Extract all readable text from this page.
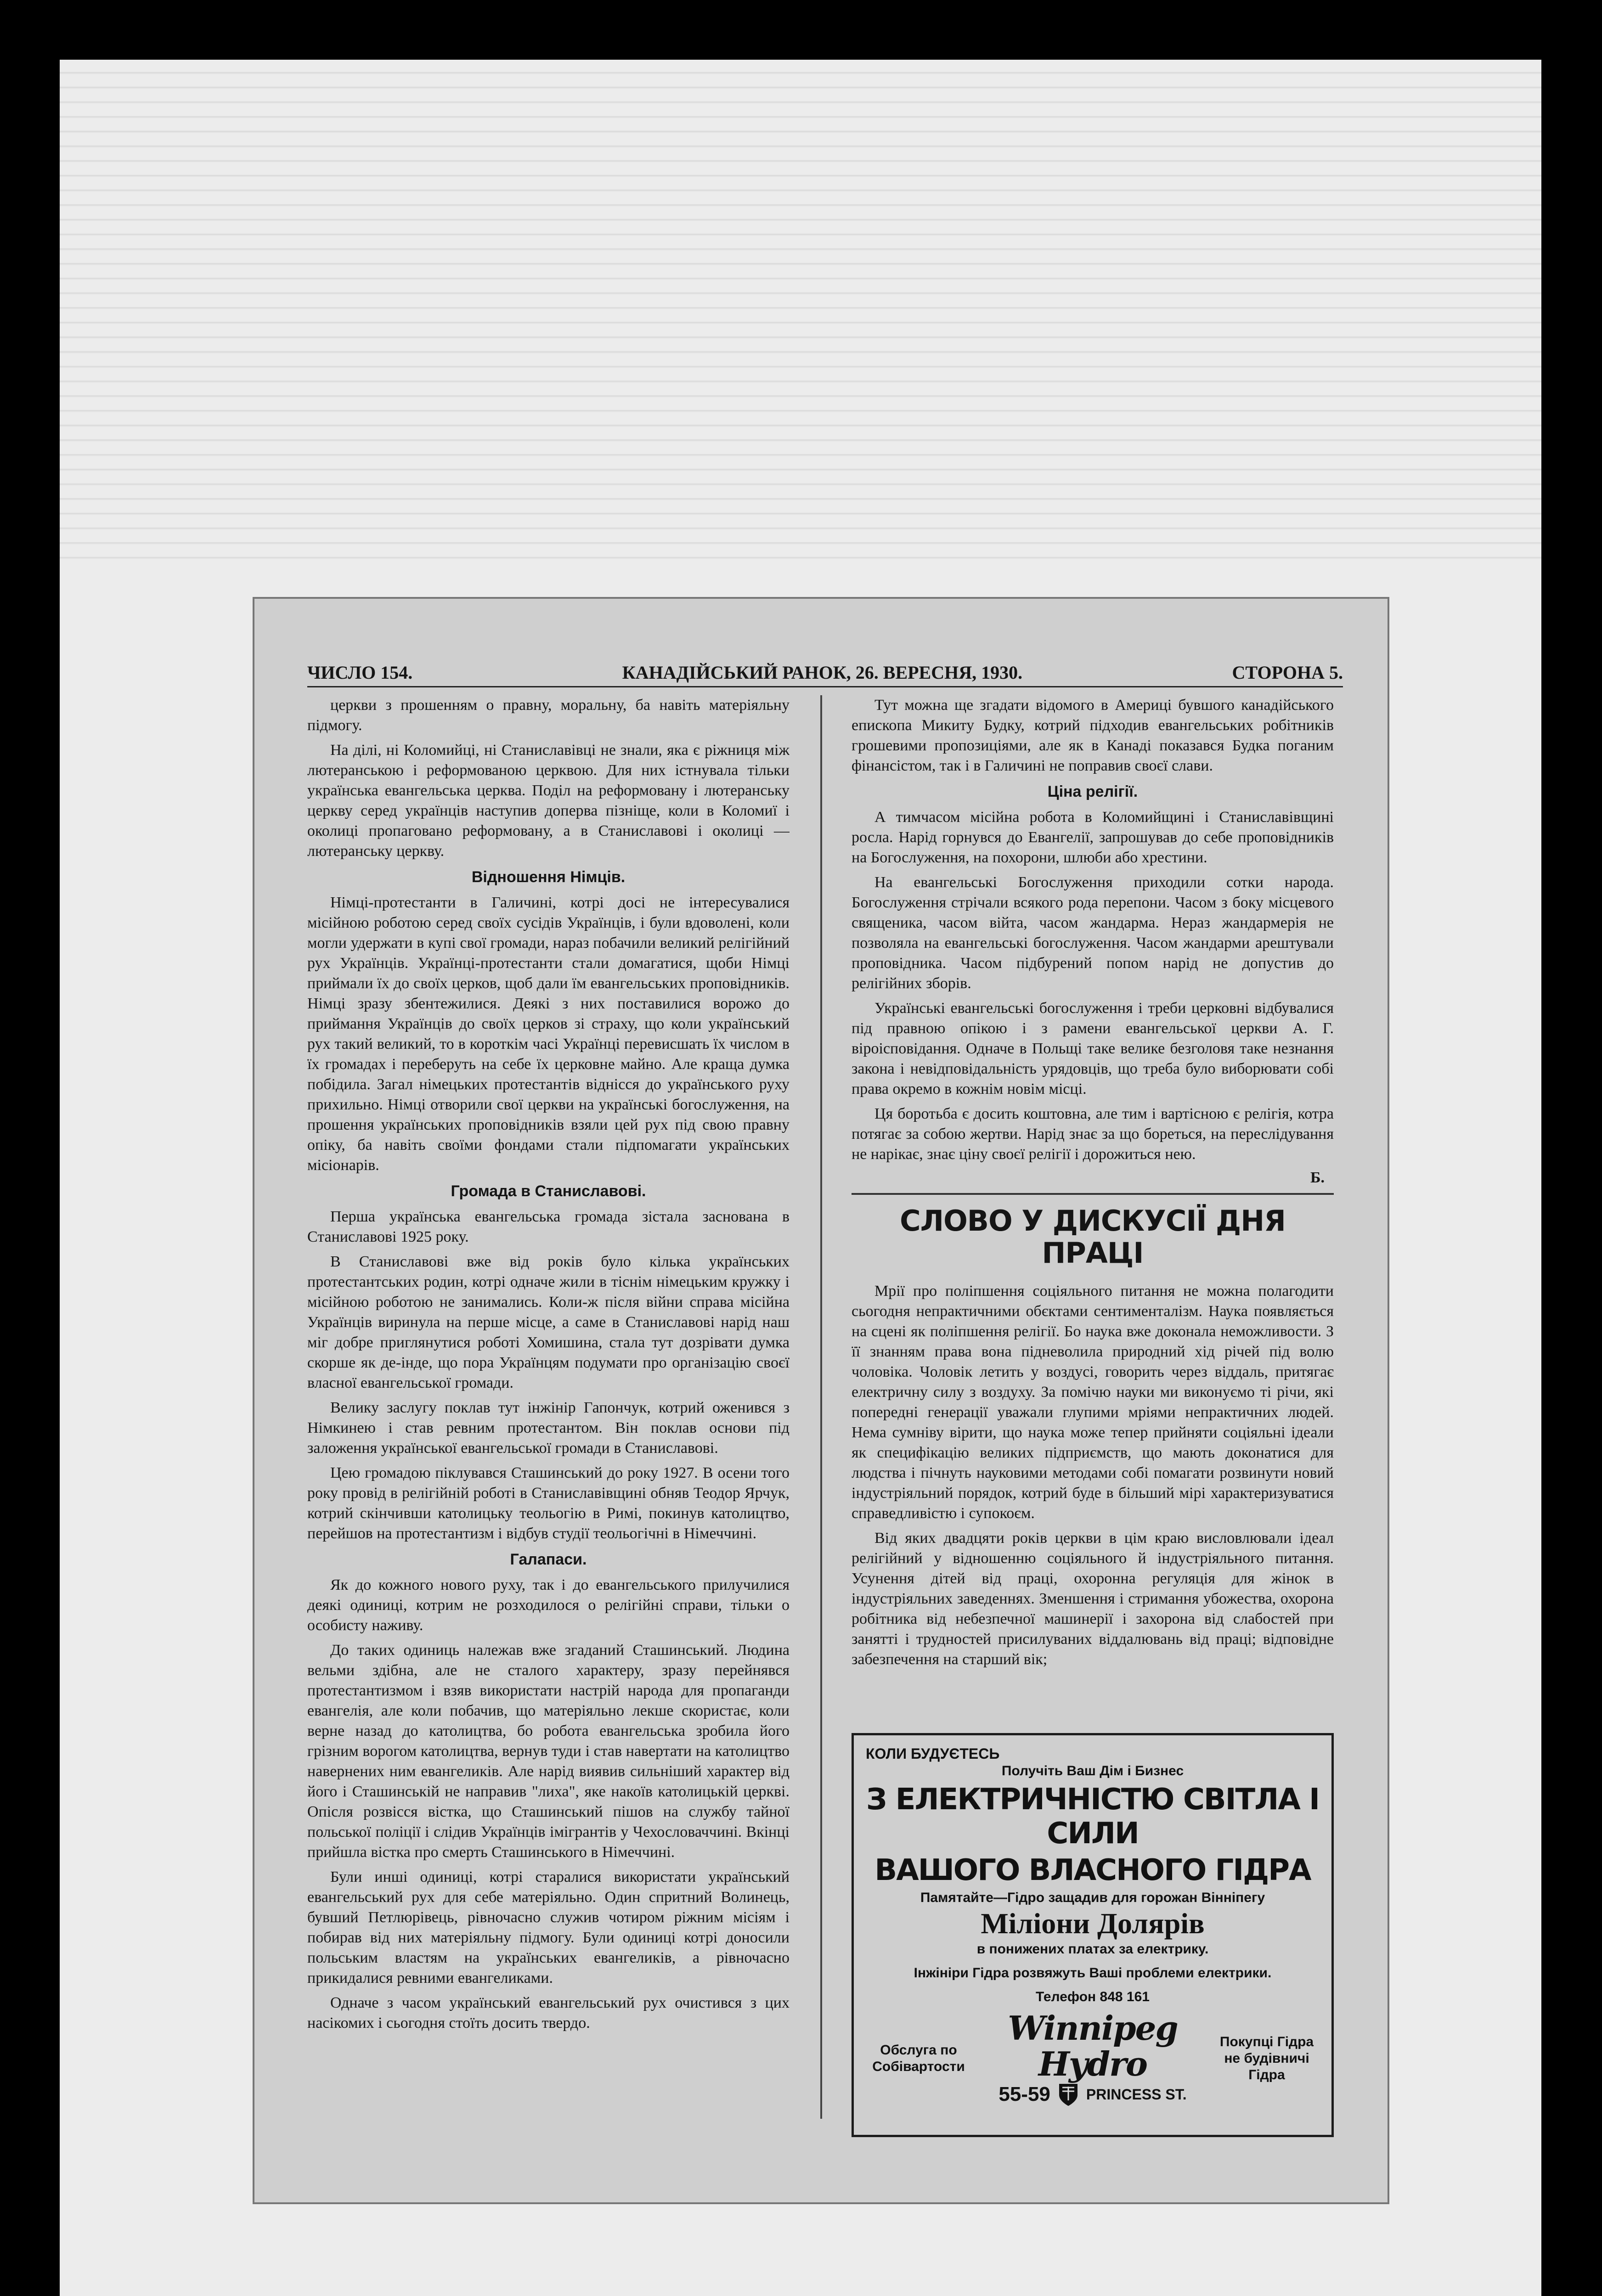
ЧИСЛО 154.	КАНАДІЙСЬКИЙ РАНОК, 26. ВЕРЕСНЯ, 1930.	СТОРОНА 5.

церкви з прошенням о правну, моральну, ба навіть матеріяльну підмогу.

На ділі, ні Коломийці, ні Станиславівці не знали, яка є ріжниця між лютеранською і реформованою церквою. Для них істнувала тільки українська евангельська церква. Поділ на реформовану і лютеранську церкву серед українців наступив доперва пізніще, коли в Коломиї і околиці пропаговано реформовану, а в Станиславові і околиці — лютеранську церкву.

Відношення Німців.

Німці-протестанти в Галичині, котрі досі не інтересувалися місійною роботою серед своїх сусідів Українців, і були вдоволені, коли могли удержати в купі свої громади, нараз побачили великий релігійний рух Українців. Українці-протестанти стали домагатися, щоби Німці приймали їх до своїх церков, щоб дали їм евангельських проповідників. Німці зразу збентежилися. Деякі з них поставилися ворожо до приймання Українців до своїх церков зі страху, що коли український рух такий великий, то в короткім часі Українці перевисшать їх числом в їх громадах і переберуть на себе їх церковне майно. Але краща думка побідила. Загал німецьких протестантів віднісся до українського руху прихильно. Німці отворили свої церкви на українські богослуження, на прошення українських проповідників взяли цей рух під свою правну опіку, ба навіть своїми фондами стали підпомагати українських місіонарів.

Громада в Станиславові.

Перша українська евангельська громада зістала заснована в Станиславові 1925 року.

В Станиславові вже від років було кілька українських протестантських родин, котрі одначе жили в тіснім німецьким кружку і місійною роботою не занимались. Коли-ж після війни справа місійна Українців виринула на перше місце, а саме в Станиславові нарід наш міг добре приглянутися роботі Хомишина, стала тут дозрівати думка скорше як де-інде, що пора Українцям подумати про організацію своєї власної евангельської громади.

Велику заслугу поклав тут інжінір Гапончук, котрий оженився з Німкинею і став ревним протестантом. Він поклав основи під заложення української евангельської громади в Станиславові.

Цею громадою піклувався Сташинський до року 1927. В осени того року провід в релігійній роботі в Станиславівщині обняв Теодор Ярчук, котрий скінчивши католицьку теольогію в Римі, покинув католицтво, перейшов на протестантизм і відбув студії теольогічні в Німеччині.

Галапаси.

Як до кожного нового руху, так і до евангельського прилучилися деякі одиниці, котрим не розходилося о релігійні справи, тільки о особисту наживу.

До таких одиниць належав вже згаданий Сташинський. Людина вельми здібна, але не сталого характеру, зразу перейнявся протестантизмом і взяв використати настрій народа для пропаганди евангелія, але коли побачив, що матеріяльно лекше скористає, коли верне назад до католицтва, бо робота евангельська зробила його грізним ворогом католицтва, вернув туди і став навертати на католицтво навернених ним евангеликів. Але нарід виявив сильніший характер від його і Сташинській не направив "лиха", яке накоїв католицькій церкві. Опісля розвісся вістка, що Сташинський пішов на службу тайної польської поліції і слідив Українців імігрантів у Чехословаччині. Вкінці прийшла вістка про смерть Сташинського в Німеччині.

Були инші одиниці, котрі старалися використати український евангельський рух для себе матеріяльно. Один спритний Волинець, бувший Петлюрівець, рівночасно служив чотиром ріжним місіям і побирав від них матеріяльну підмогу. Були одиниці котрі доносили польським властям на українських евангеликів, а рівночасно прикидалися ревними евангеликами.

Одначе з часом український евангельський рух очистився з цих насікомих і сьогодня стоїть досить твердо.

Тут можна ще згадати відомого в Америці бувшого канадійського епископа Микиту Будку, котрий підходив евангельських робітників грошевими пропозиціями, але як в Канаді показався Будка поганим фінансістом, так і в Галичині не поправив своєї слави.

Ціна релігії.

А тимчасом місійна робота в Коломийщині і Станиславівщині росла. Нарід горнувся до Евангелії, запрошував до себе проповідників на Богослуження, на похорони, шлюби або хрестини.

На евангельські Богослуження приходили сотки народа. Богослуження стрічали всякого рода перепони. Часом з боку місцевого священика, часом війта, часом жандарма. Нераз жандармерія не позволяла на евангельські богослуження. Часом жандарми арештували проповідника. Часом підбурений попом нарід не допустив до релігійних зборів.

Українські евангельські богослуження і треби церковні відбувалися під правною опікою і з рамени евангельської церкви А. Г. віроісповідання. Одначе в Польщі таке велике безголовя таке незнання закона і невідповідальність урядовців, що треба було виборювати собі права окремо в кожнім новім місці.

Ця боротьба є досить коштовна, але тим і вартісною є релігія, котра потягає за собою жертви. Нарід знає за що бореться, на переслідування не нарікає, знає ціну своєї релігії і дорожиться нею.

Б.
СЛОВО У ДИСКУСІЇ ДНЯ ПРАЦІ

Мрії про поліпшення соціяльного питання не можна полагодити сьогодня непрактичними обєктами сентименталізм. Наука появляється на сцені як поліпшення релігії. Бо наука вже доконала неможливости. З її знанням права вона підневолила природний хід річей під волю чоловіка. Чоловік летить у воздусі, говорить через віддаль, притягає електричну силу з воздуху. За помічю науки ми виконуємо ті річи, які попередні генерації уважали глупими мріями непрактичних людей. Нема сумніву вірити, що наука може тепер прийняти соціяльні ідеали як специфікацію великих підприємств, що мають доконатися для людства і пічнуть науковими методами собі помагати розвинути новий індустріяльний порядок, котрий буде в більший мірі характеризуватися справедливістю і супокоєм.

Від яких двадцяти років церкви в цім краю висловлювали ідеал релігійний у відношенню соціяльного й індустріяльного питання. Усунення дітей від праці, охоронна регуляція для жінок в індустріяльних заведеннях. Зменшення і стримання убожества, охорона робітника від небезпечної машинерії і захорона від слабостей при занятті і трудностей присилуваних віддалювань від праці; відповідне забезпечення на старший вік;

КОЛИ БУДУЄТЕСЬ
Получіть Ваш Дім і Бизнес
З ЕЛЕКТРИЧНІСТЮ СВІТЛА І СИЛИ
ВАШОГО ВЛАСНОГО ГІДРА
Памятайте—Гідро защадив для горожан Вінніпегу
Міліони Долярів
в понижених платах за електрику.
Інжініри Гідра розвяжуть Ваші проблеми електрики.
Телефон 848 161
Обслуга по Собівартости
Winnipeg Hydro
55-59 PRINCESS ST.
Покупці Гідра не будівничі Гідра
